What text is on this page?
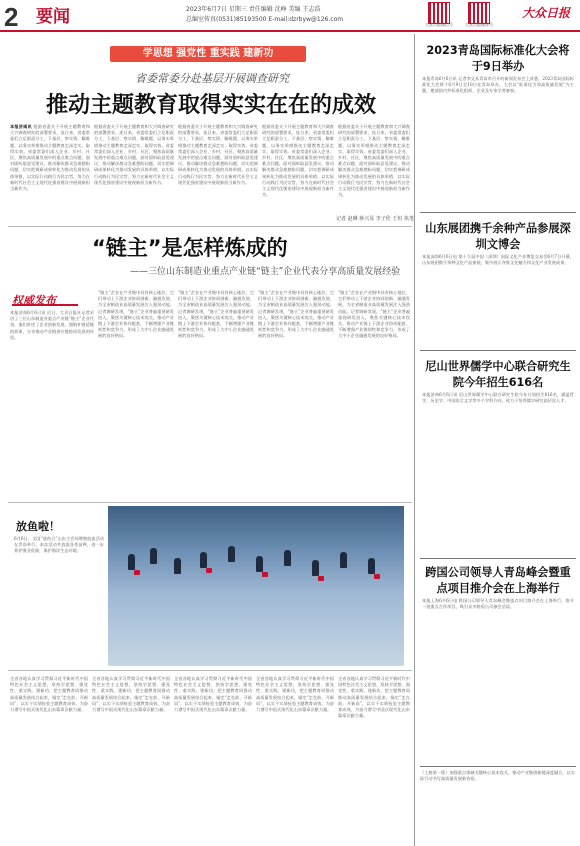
2	要闻	2023年6月7日 星期三 责任编辑 沈峥 美编 王志浩
总编室传真(0531)85193500 E-mail:dzrbyw@126.com
大众日报微信号	大众日报微博号
大众日报
学思想 强党性 重实践 建新功
省委常委分赴基层开展调查研究
推动主题教育取得实实在在的成效
本报济南讯 根据省委关于开展主题教育和大兴调查研究的部署要求，连日来，省委常委们立足职责分工，下基层、察实情、解难题，以务实举措推动主题教育走深走实、取得实效。省委常委们深入企业、乡村、社区，聚焦高质量发展中的重点难点问题，面对面听取意见建议，推动解决群众急难愁盼问题，切实把调研成果转化为推动发展的具体举措，以实际行动践行为民宗旨，努力在新时代社会主义现代化强省建设中展现新担当新作为。
根据省委关于开展主题教育和大兴调查研究的部署要求，连日来，省委常委们立足职责分工，下基层、察实情、解难题，以务实举措推动主题教育走深走实、取得实效。省委常委们深入企业、乡村、社区，聚焦高质量发展中的重点难点问题，面对面听取意见建议，推动解决群众急难愁盼问题，切实把调研成果转化为推动发展的具体举措，以实际行动践行为民宗旨，努力在新时代社会主义现代化强省建设中展现新担当新作为。
根据省委关于开展主题教育和大兴调查研究的部署要求，连日来，省委常委们立足职责分工，下基层、察实情、解难题，以务实举措推动主题教育走深走实、取得实效。省委常委们深入企业、乡村、社区，聚焦高质量发展中的重点难点问题，面对面听取意见建议，推动解决群众急难愁盼问题，切实把调研成果转化为推动发展的具体举措，以实际行动践行为民宗旨，努力在新时代社会主义现代化强省建设中展现新担当新作为。
根据省委关于开展主题教育和大兴调查研究的部署要求，连日来，省委常委们立足职责分工，下基层、察实情、解难题，以务实举措推动主题教育走深走实、取得实效。省委常委们深入企业、乡村、社区，聚焦高质量发展中的重点难点问题，面对面听取意见建议，推动解决群众急难愁盼问题，切实把调研成果转化为推动发展的具体举措，以实际行动践行为民宗旨，努力在新时代社会主义现代化强省建设中展现新担当新作为。
根据省委关于开展主题教育和大兴调查研究的部署要求，连日来，省委常委们立足职责分工，下基层、察实情、解难题，以务实举措推动主题教育走深走实、取得实效。省委常委们深入企业、乡村、社区，聚焦高质量发展中的重点难点问题，面对面听取意见建议，推动解决群众急难愁盼问题，切实把调研成果转化为推动发展的具体举措，以实际行动践行为民宗旨，努力在新时代社会主义现代化强省建设中展现新担当新作为。
记者 赵琳 蒋兴显 李子伦 王恒 执笔
“链主”是怎样炼成的
——三位山东制造业重点产业链“链主”企业代表分享高质量发展经验
权威发布
本报济南6月6日讯 近日，大众日报社记者采访了三位山东制造业重点产业链“链主”企业代表，他们讲述了企业创新发展、强链补链延链的故事，分享推动产业链供应链协同发展的经验。
“链主”企业在产业链中具有核心地位，它们带动上下游企业协同创新、融通发展，为全省制造业高质量发展注入强劲动能。记者调研发现，“链主”企业普遍重视研发投入，聚焦关键核心技术攻关，推动产业链上下游企业协作配套，不断增强产业链韧性和竞争力，形成了大中小企业融通发展的良好格局。
“链主”企业在产业链中具有核心地位，它们带动上下游企业协同创新、融通发展，为全省制造业高质量发展注入强劲动能。记者调研发现，“链主”企业普遍重视研发投入，聚焦关键核心技术攻关，推动产业链上下游企业协作配套，不断增强产业链韧性和竞争力，形成了大中小企业融通发展的良好格局。
“链主”企业在产业链中具有核心地位，它们带动上下游企业协同创新、融通发展，为全省制造业高质量发展注入强劲动能。记者调研发现，“链主”企业普遍重视研发投入，聚焦关键核心技术攻关，推动产业链上下游企业协作配套，不断增强产业链韧性和竞争力，形成了大中小企业融通发展的良好格局。
“链主”企业在产业链中具有核心地位，它们带动上下游企业协同创新、融通发展，为全省制造业高质量发展注入强劲动能。记者调研发现，“链主”企业普遍重视研发投入，聚焦关键核心技术攻关，推动产业链上下游企业协作配套，不断增强产业链韧性和竞争力，形成了大中小企业融通发展的良好格局。
放鱼啦！
6月6日，全国“放鱼日”山东主会场增殖放流活动在青岛举行，本次活动共放流各类苗种，进一步养护渔业资源，保护海洋生态环境。
全省各地认真学习贯彻习近平新时代中国特色社会主义思想，坚持学思想、强党性、重实践、建新功，把主题教育同推动高质量发展结合起来，锚定“走在前、开新局”，以实干实绩检验主题教育成效，为奋力谱写中国式现代化山东篇章贡献力量。
全省各地认真学习贯彻习近平新时代中国特色社会主义思想，坚持学思想、强党性、重实践、建新功，把主题教育同推动高质量发展结合起来，锚定“走在前、开新局”，以实干实绩检验主题教育成效，为奋力谱写中国式现代化山东篇章贡献力量。
全省各地认真学习贯彻习近平新时代中国特色社会主义思想，坚持学思想、强党性、重实践、建新功，把主题教育同推动高质量发展结合起来，锚定“走在前、开新局”，以实干实绩检验主题教育成效，为奋力谱写中国式现代化山东篇章贡献力量。
全省各地认真学习贯彻习近平新时代中国特色社会主义思想，坚持学思想、强党性、重实践、建新功，把主题教育同推动高质量发展结合起来，锚定“走在前、开新局”，以实干实绩检验主题教育成效，为奋力谱写中国式现代化山东篇章贡献力量。
全省各地认真学习贯彻习近平新时代中国特色社会主义思想，坚持学思想、强党性、重实践、建新功，把主题教育同推动高质量发展结合起来，锚定“走在前、开新局”，以实干实绩检验主题教育成效，为奋力谱写中国式现代化山东篇章贡献力量。
2023青岛国际标准化大会将于9日举办
本报青岛6月6日讯 记者李文从青岛市召开的新闻发布会上获悉，2023青岛国际标准化大会将于6月9日至10日在青岛举办，大会以“标准化引领高质量发展”为主题，邀请国内外标准化组织、企业及专家学者参加。
山东展团携千余种产品参展深圳文博会
本报深圳6月6日电 第十九届中国（深圳）国际文化产业博览交易会6月7日开幕，山东展团携千余种文化产品参展，集中展示齐鲁文化魅力和文化产业发展成果。
尼山世界儒学中心联合研究生院今年招生616名
本报济南6月6日讯 尼山世界儒学中心联合研究生院今年计划招生616名，涵盖哲学、历史学、中国语言文学等多个学科方向，致力于培养儒学研究高层次人才。
跨国公司领导人青岛峰会暨重点项目推介会在上海举行
本报上海6月6日电 跨国公司领导人青岛峰会暨重点项目推介会在上海举行，推介一批重点合作项目，吸引众多跨国公司参会洽谈。
（上接第一版）加强重点领域关键核心技术攻关，推动产业链创新链深度融合，以实际行动书写高质量发展新答卷。
